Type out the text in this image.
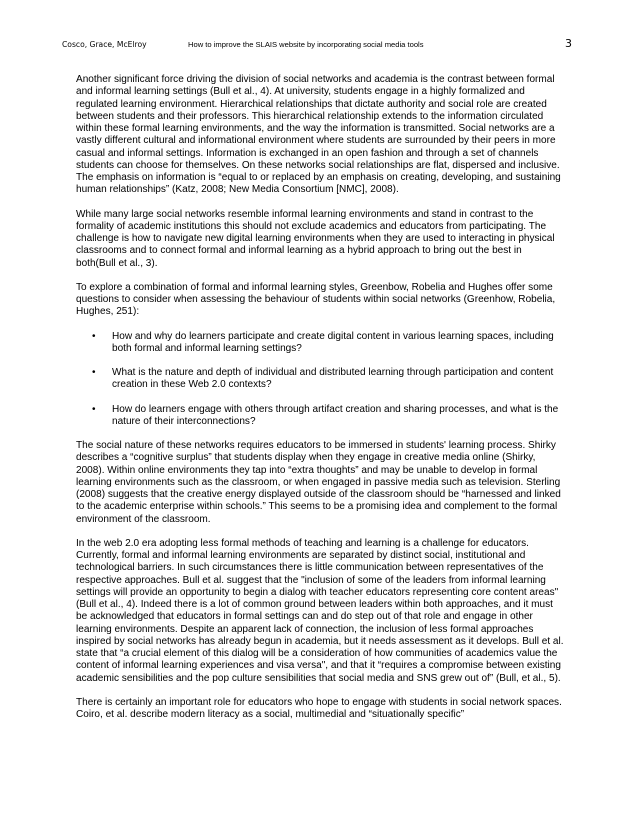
Cosco, Grace, McElroy	How to improve the SLAIS website by incorporating social media tools	3

Another significant force driving the division of social networks and academia is the contrast between formal and informal learning settings (Bull et al., 4). At university, students engage in a highly formalized and regulated learning environment. Hierarchical relationships that dictate authority and social role are created between students and their professors. This hierarchical relationship extends to the information circulated within these formal learning environments, and the way the information is transmitted. Social networks are a vastly different cultural and informational environment where students are surrounded by their peers in more casual and informal settings. Information is exchanged in an open fashion and through a set of channels students can choose for themselves. On these networks social relationships are flat, dispersed and inclusive. The emphasis on information is “equal to or replaced by an emphasis on creating, developing, and sustaining human relationships” (Katz, 2008; New Media Consortium [NMC], 2008).

While many large social networks resemble informal learning environments and stand in contrast to the formality of academic institutions this should not exclude academics and educators from participating. The challenge is how to navigate new digital learning environments when they are used to interacting in physical classrooms and to connect formal and informal learning as a hybrid approach to bring out the best in both(Bull et al., 3).

To explore a combination of formal and informal learning styles, Greenbow, Robelia and Hughes offer some questions to consider when assessing the behaviour of students within social networks (Greenhow, Robelia, Hughes, 251):

• How and why do learners participate and create digital content in various learning spaces, including both formal and informal learning settings?
• What is the nature and depth of individual and distributed learning through participation and content creation in these Web 2.0 contexts?
• How do learners engage with others through artifact creation and sharing processes, and what is the nature of their interconnections?

The social nature of these networks requires educators to be immersed in students' learning process. Shirky describes a “cognitive surplus” that students display when they engage in creative media online (Shirky, 2008). Within online environments they tap into “extra thoughts” and may be unable to develop in formal learning environments such as the classroom, or when engaged in passive media such as television. Sterling (2008) suggests that the creative energy displayed outside of the classroom should be “harnessed and linked to the academic enterprise within schools.” This seems to be a promising idea and complement to the formal environment of the classroom.

In the web 2.0 era adopting less formal methods of teaching and learning is a challenge for educators. Currently, formal and informal learning environments are separated by distinct social, institutional and technological barriers. In such circumstances there is little communication between representatives of the respective approaches. Bull et al. suggest that the "inclusion of some of the leaders from informal learning settings will provide an opportunity to begin a dialog with teacher educators representing core content areas" (Bull et al., 4). Indeed there is a lot of common ground between leaders within both approaches, and it must be acknowledged that educators in formal settings can and do step out of that role and engage in other learning environments. Despite an apparent lack of connection, the inclusion of less formal approaches inspired by social networks has already begun in academia, but it needs assessment as it develops. Bull et al. state that “a crucial element of this dialog will be a consideration of how communities of academics value the content of informal learning experiences and visa versa", and that it “requires a compromise between existing academic sensibilities and the pop culture sensibilities that social media and SNS grew out of” (Bull, et al., 5).

There is certainly an important role for educators who hope to engage with students in social network spaces. Coiro, et al. describe modern literacy as a social, multimedial and “situationally specific”
